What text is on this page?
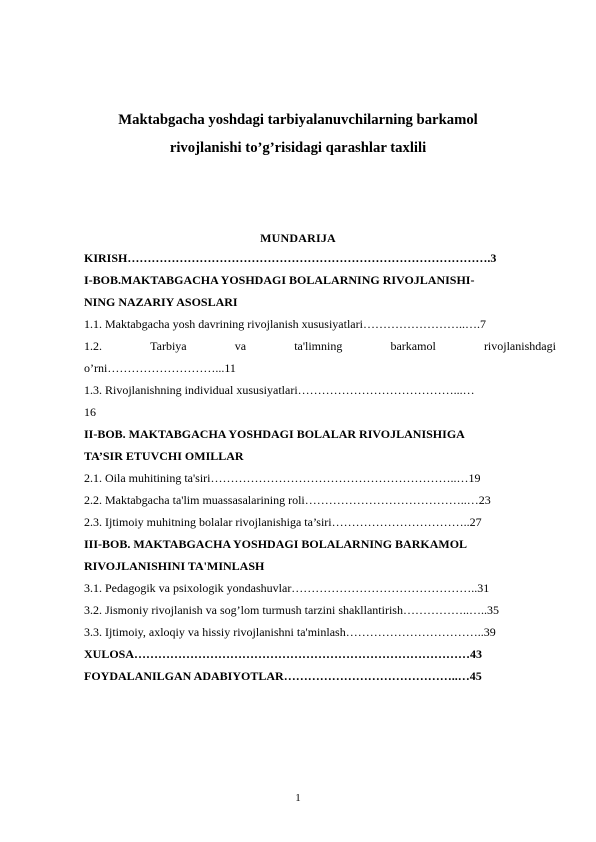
Maktabgacha yoshdagi tarbiyalanuvchilarning barkamol
rivojlanishi to’g’risidagi qarashlar taxlili
MUNDARIJA
KIRISH……………………………………………………………………………….3
I-BOB.MAKTABGACHA YOSHDAGI BOLALARNING RIVOJLANISHI-
NING NAZARIY ASOSLARI
1.1. Maktabgacha yosh davrining rivojlanish xususiyatlari……………………..….7
1.2.	Tarbiya	va	ta'limning	barkamol	rivojlanishdagi
o’rni………………………...11
1.3. Rivojlanishning individual xususiyatlari…………………………………...…
16
II-BOB. MAKTABGACHA YOSHDAGI BOLALAR RIVOJLANISHIGA
TA’SIR ETUVCHI OMILLAR
2.1. Oila muhitining ta'siri……………………………………………………..…19
2.2. Maktabgacha ta'lim muassasalarining roli…………………………………..…23
2.3. Ijtimoiy muhitning bolalar rivojlanishiga ta’siri……………………………..27
III-BOB. MAKTABGACHA YOSHDAGI BOLALARNING BARKAMOL
RIVOJLANISHINI TA'MINLASH
3.1. Pedagogik va psixologik yondashuvlar………………………………………..31
3.2. Jismoniy rivojlanish va sog’lom turmush tarzini shakllantirish……………..…..35
3.3. Ijtimoiy, axloqiy va hissiy rivojlanishni ta'minlash……………………………..39
XULOSA…………………………………………………………………………43
FOYDALANILGAN ADABIYOTLAR……………………………………..…45
1
